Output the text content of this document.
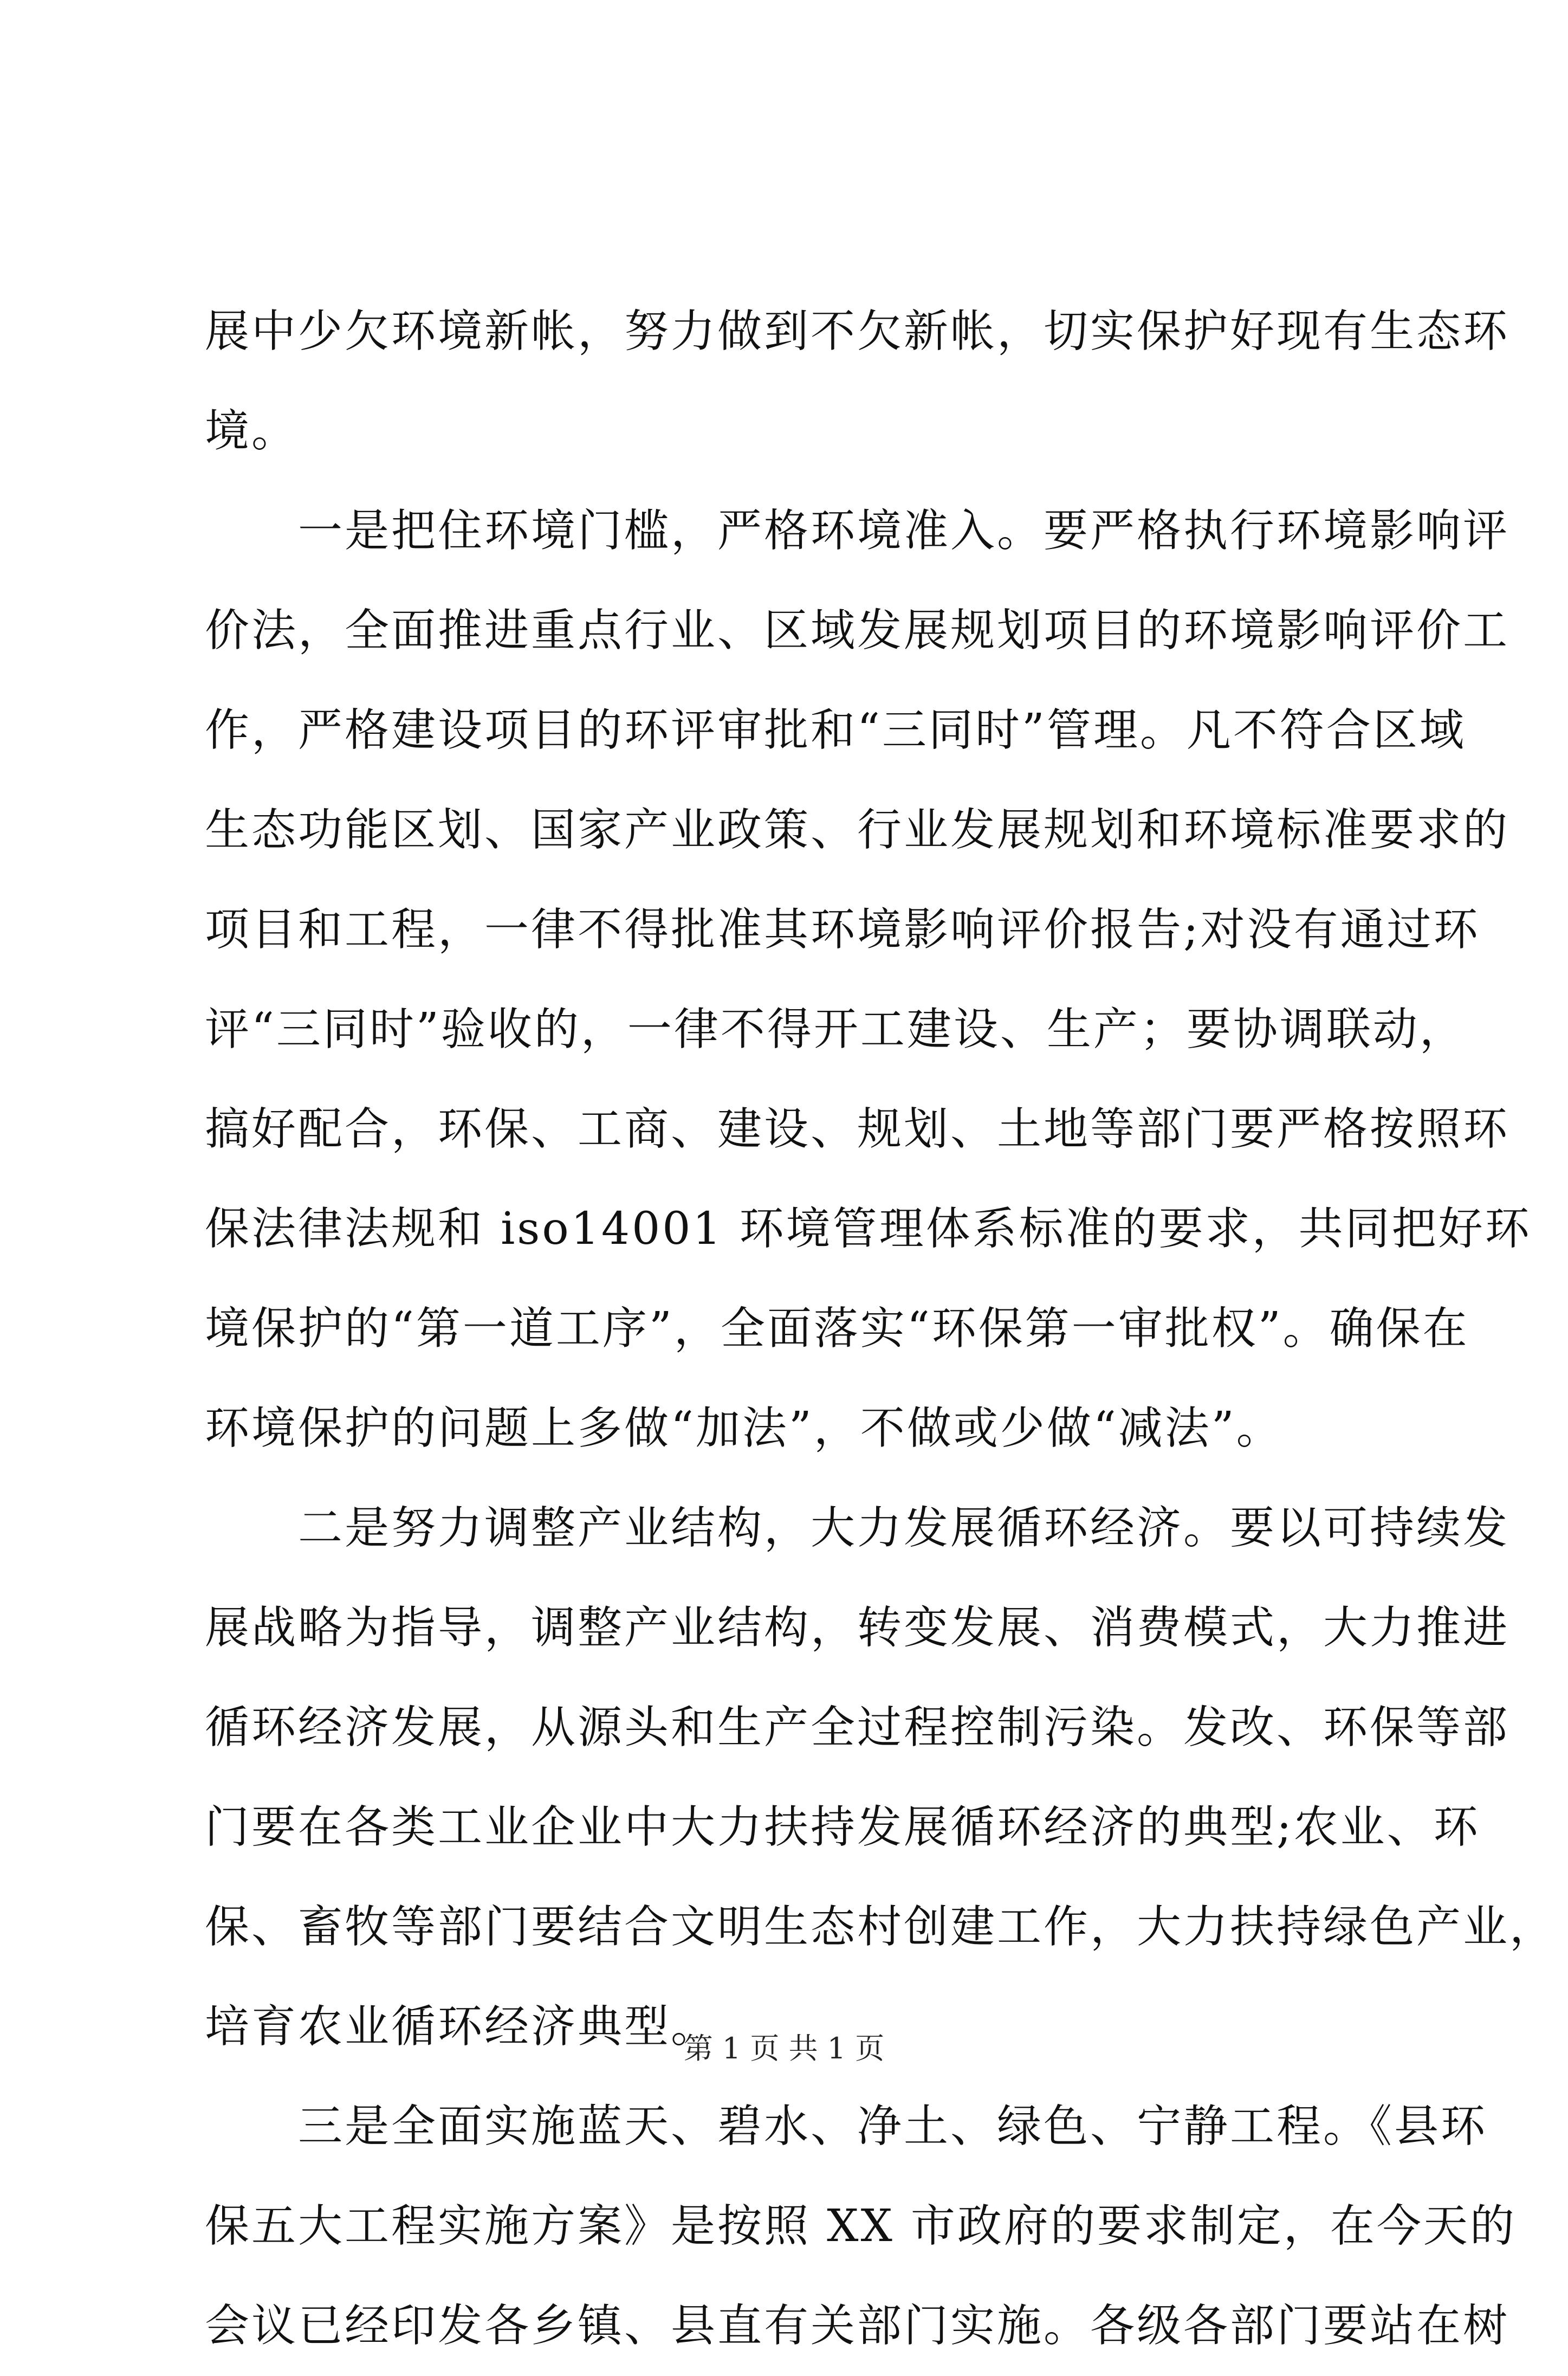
展中少欠环境新帐，努力做到不欠新帐，切实保护好现有生态环
境。
一是把住环境门槛，严格环境准入。要严格执行环境影响评
价法，全面推进重点行业、区域发展规划项目的环境影响评价工
作，严格建设项目的环评审批和“三同时”管理。凡不符合区域
生态功能区划、国家产业政策、行业发展规划和环境标准要求的
项目和工程，一律不得批准其环境影响评价报告;对没有通过环
评“三同时”验收的，一律不得开工建设、生产；要协调联动，
搞好配合，环保、工商、建设、规划、土地等部门要严格按照环
保法律法规和 iso14001 环境管理体系标准的要求，共同把好环
境保护的“第一道工序”，全面落实“环保第一审批权”。确保在
环境保护的问题上多做“加法”，不做或少做“减法”。
二是努力调整产业结构，大力发展循环经济。要以可持续发
展战略为指导，调整产业结构，转变发展、消费模式，大力推进
循环经济发展，从源头和生产全过程控制污染。发改、环保等部
门要在各类工业企业中大力扶持发展循环经济的典型;农业、环
保、畜牧等部门要结合文明生态村创建工作，大力扶持绿色产业，
培育农业循环经济典型。
三是全面实施蓝天、碧水、净土、绿色、宁静工程。《县环
保五大工程实施方案》是按照 XX 市政府的要求制定，在今天的
会议已经印发各乡镇、县直有关部门实施。各级各部门要站在树
第 1 页 共 1 页
